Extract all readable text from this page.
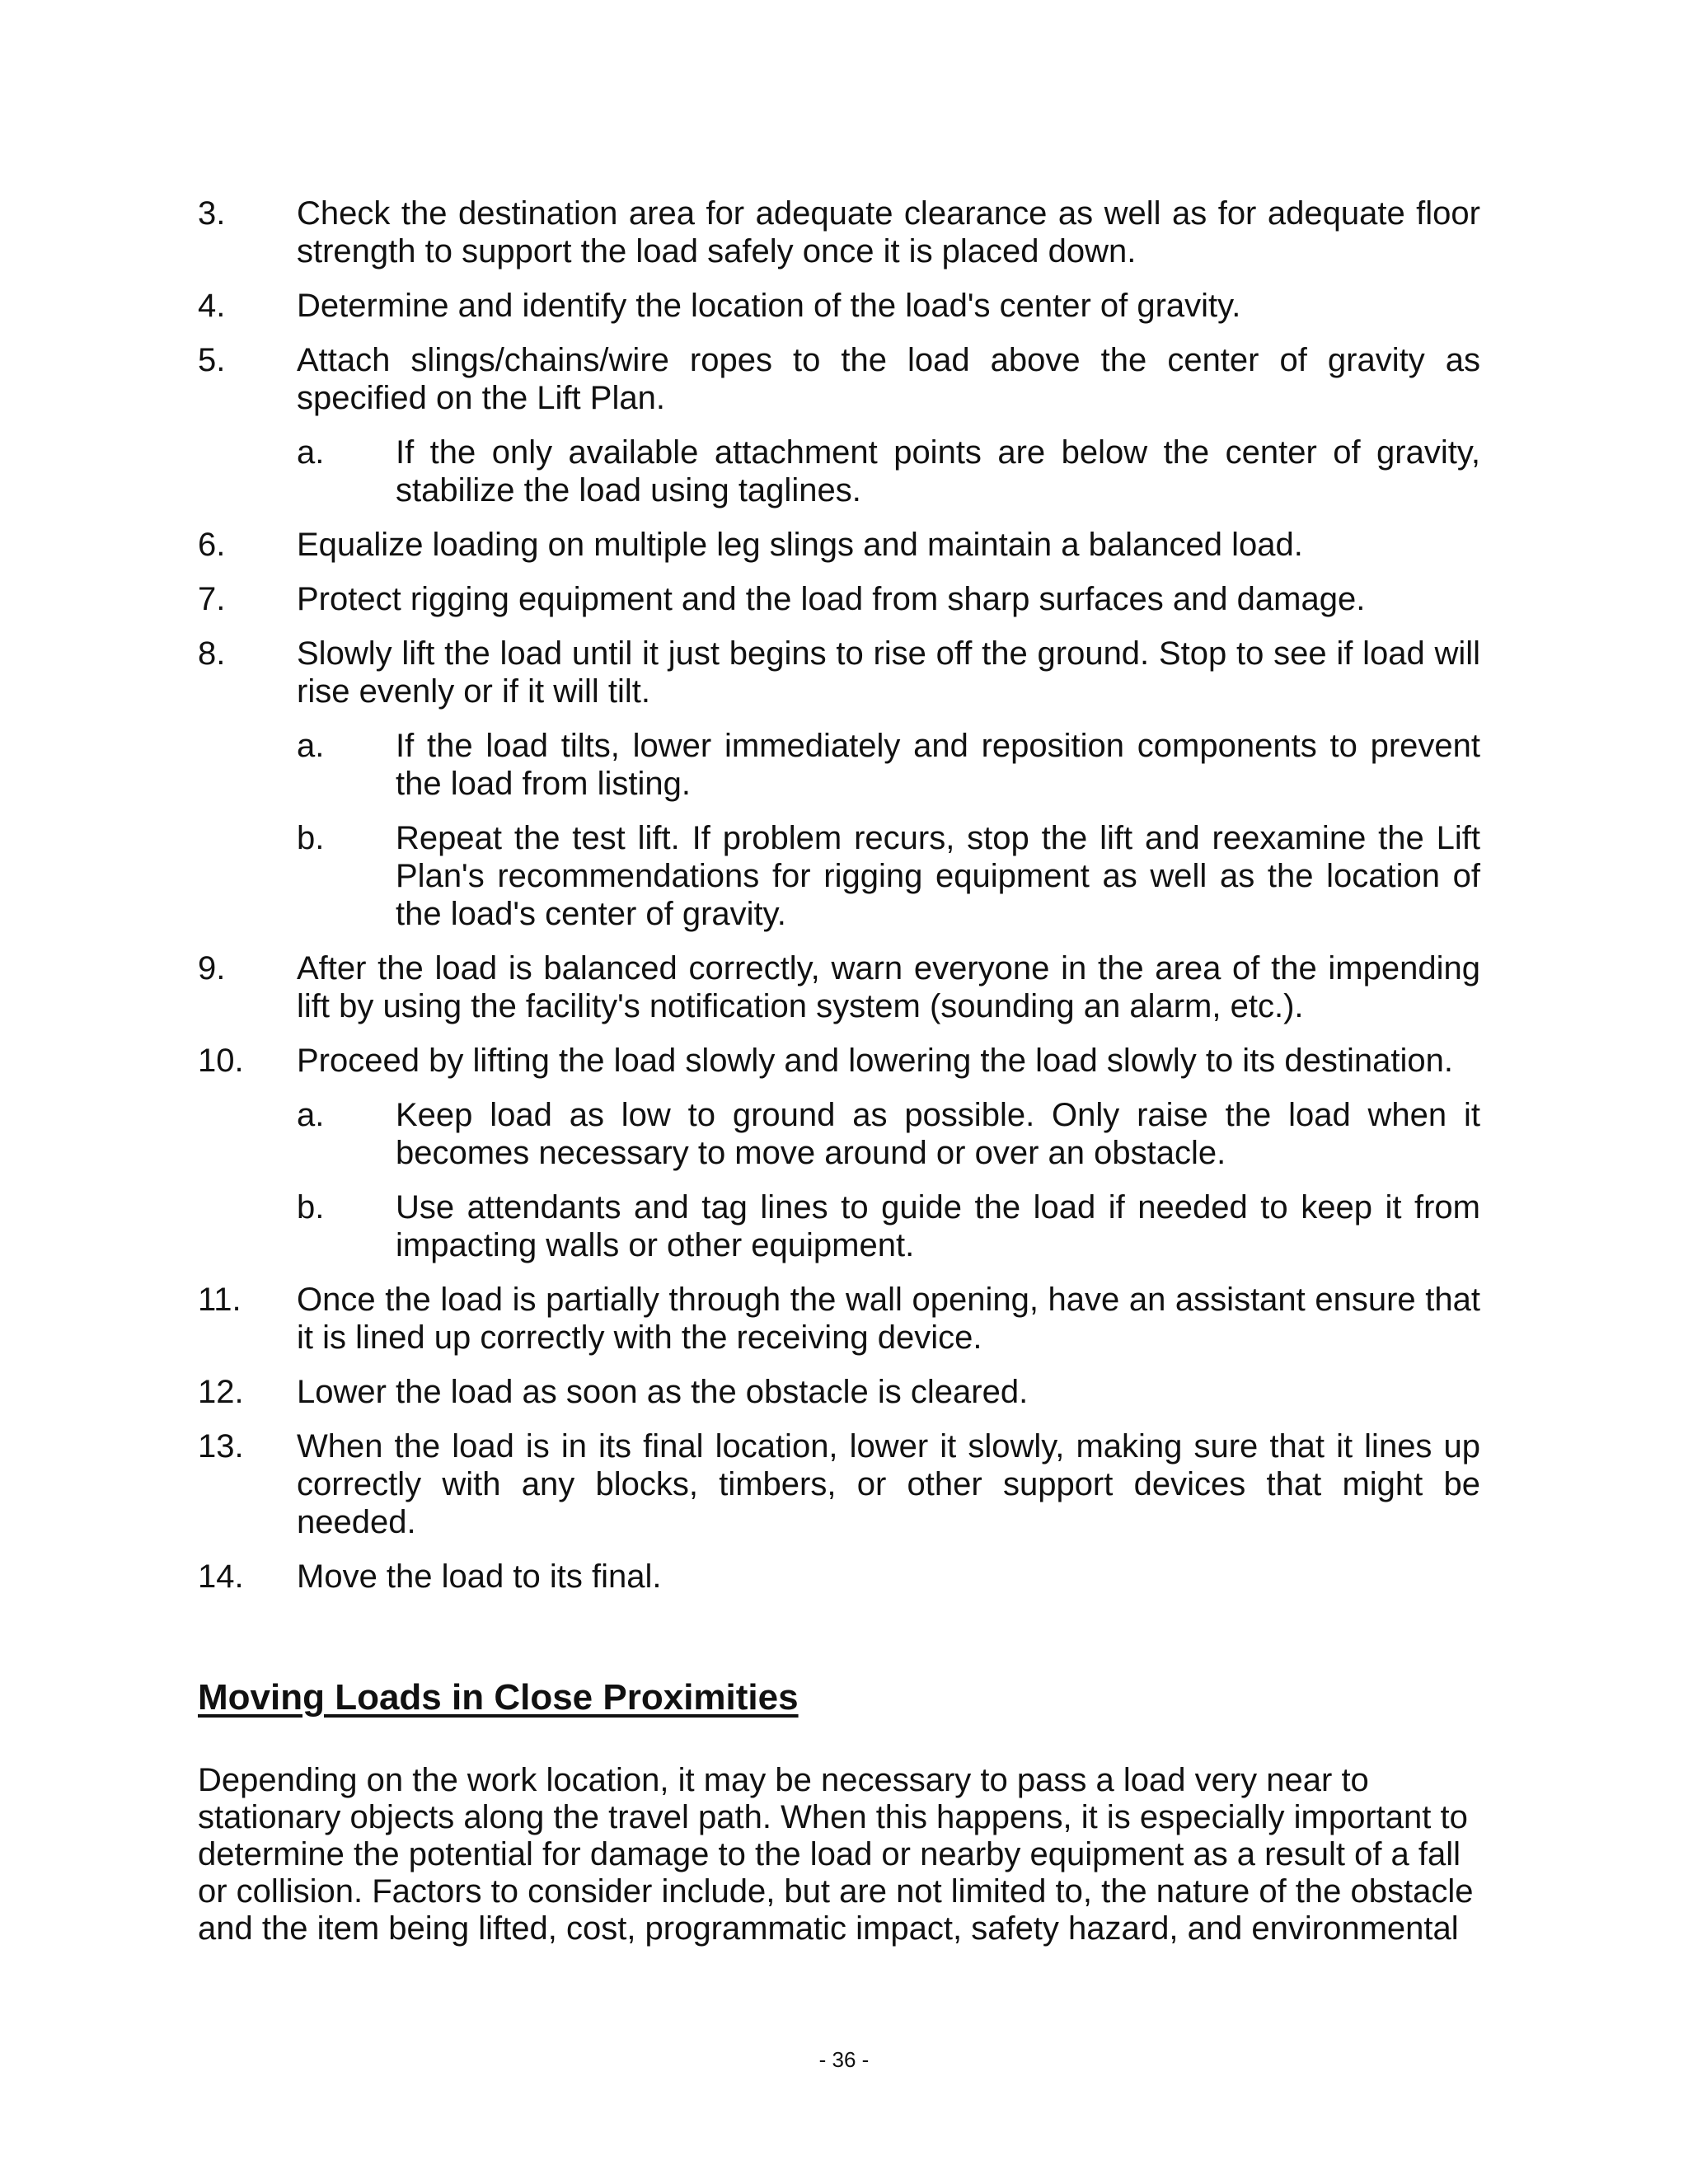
3.	Check the destination area for adequate clearance as well as for adequate floor strength to support the load safely once it is placed down.
4.	Determine and identify the location of the load's center of gravity.
5.	Attach slings/chains/wire ropes to the load above the center of gravity as specified on the Lift Plan.
a.	If the only available attachment points are below the center of gravity, stabilize the load using taglines.
6.	Equalize loading on multiple leg slings and maintain a balanced load.
7.	Protect rigging equipment and the load from sharp surfaces and damage.
8.	Slowly lift the load until it just begins to rise off the ground. Stop to see if load will rise evenly or if it will tilt.
a.	If the load tilts, lower immediately and reposition components to prevent the load from listing.
b.	Repeat the test lift. If problem recurs, stop the lift and reexamine the Lift Plan's recommendations for rigging equipment as well as the location of the load's center of gravity.
9.	After the load is balanced correctly, warn everyone in the area of the impending lift by using the facility's notification system (sounding an alarm, etc.).
10.	Proceed by lifting the load slowly and lowering the load slowly to its destination.
a.	Keep load as low to ground as possible. Only raise the load when it becomes necessary to move around or over an obstacle.
b.	Use attendants and tag lines to guide the load if needed to keep it from impacting walls or other equipment.
11.	Once the load is partially through the wall opening, have an assistant ensure that it is lined up correctly with the receiving device.
12.	Lower the load as soon as the obstacle is cleared.
13.	When the load is in its final location, lower it slowly, making sure that it lines up correctly with any blocks, timbers, or other support devices that might be needed.
14.	Move the load to its final.
Moving Loads in Close Proximities
Depending on the work location, it may be necessary to pass a load very near to stationary objects along the travel path. When this happens, it is especially important to determine the potential for damage to the load or nearby equipment as a result of a fall or collision. Factors to consider include, but are not limited to, the nature of the obstacle and the item being lifted, cost, programmatic impact, safety hazard, and environmental
- 36 -
